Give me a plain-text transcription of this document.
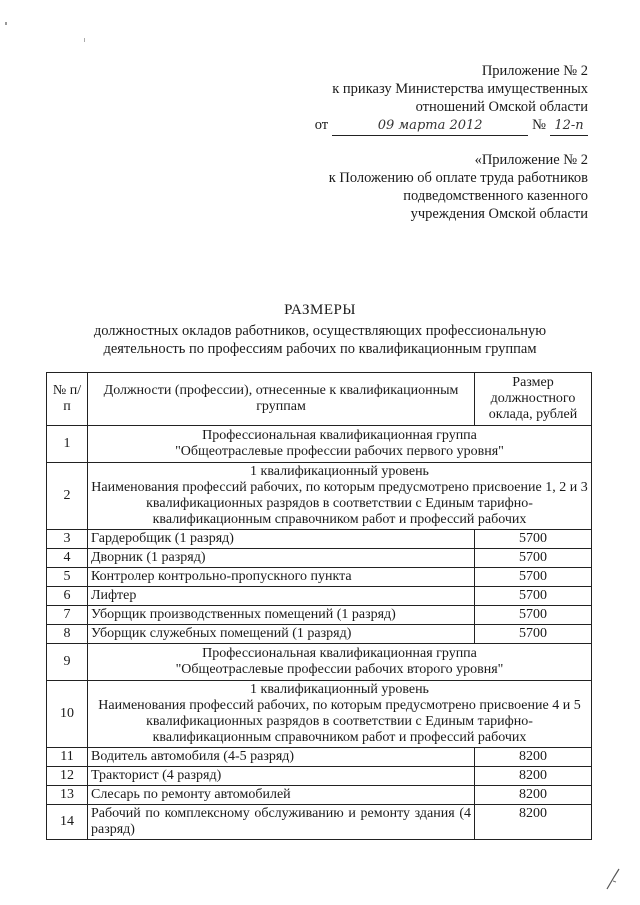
Приложение № 2
к приказу Министерства имущественных
отношений Омской области
от	09 марта 2012	№ 12-п
«Приложение № 2
к Положению об оплате труда работников
подведомственного казенного
учреждения Омской области
РАЗМЕРЫ
должностных окладов работников, осуществляющих профессиональную
деятельность по профессиям рабочих по квалификационным группам
№ п/п	Должности (профессии), отнесенные к квалификационным группам	Размер должностного оклада, рублей
1	Профессиональная квалификационная группа
"Общеотраслевые профессии рабочих первого уровня"	

2	1 квалификационный уровень
Наименования профессий рабочих, по которым предусмотрено присвоение 1, 2 и 3 квалификационных разрядов в соответствии с Единым тарифно-квалификационным справочником работ и профессий рабочих	

3	Гардеробщик (1 разряд)	5700
4	Дворник (1 разряд)	5700
5	Контролер контрольно-пропускного пункта	5700
6	Лифтер	5700
7	Уборщик производственных помещений (1 разряд)	5700
8	Уборщик служебных помещений (1 разряд)	5700
9	Профессиональная квалификационная группа
"Общеотраслевые профессии рабочих второго уровня"	

10	1 квалификационный уровень
Наименования профессий рабочих, по которым предусмотрено присвоение 4 и 5 квалификационных разрядов в соответствии с Единым тарифно-квалификационным справочником работ и профессий рабочих	

11	Водитель автомобиля (4-5 разряд)	8200
12	Тракторист (4 разряд)	8200
13	Слесарь по ремонту автомобилей	8200
14	Рабочий по комплексному обслуживанию и ремонту здания (4 разряд)	8200
